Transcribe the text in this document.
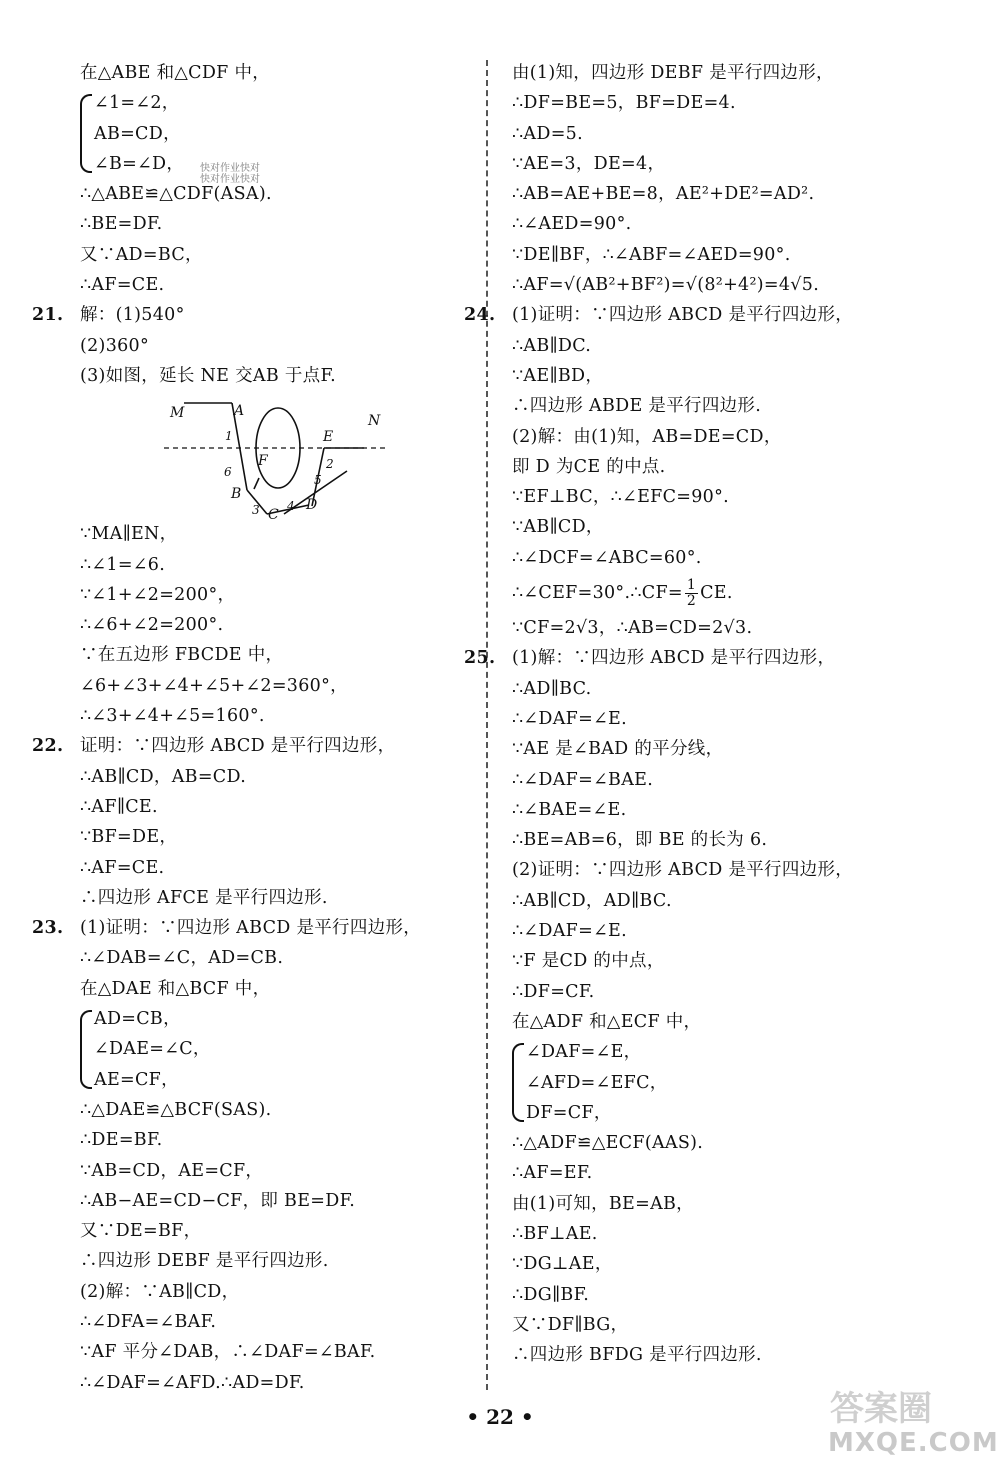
在△ABE 和△CDF 中，
∠1=∠2，
AB=CD，
∠B=∠D，
∴△ABE≌△CDF(ASA).
∴BE=DF.
又∵AD=BC，
∴AF=CE.
21. 解：(1)540°
(2)360°
(3)如图，延长 NE 交AB 于点F.
M	A
N
E
F
B
C
D
1
2
3 4
5
6
∵MA∥EN，
∴∠1=∠6.
∵∠1+∠2=200°，
∴∠6+∠2=200°.
∵在五边形 FBCDE 中，
∠6+∠3+∠4+∠5+∠2=360°，
∴∠3+∠4+∠5=160°.
22. 证明：∵四边形 ABCD 是平行四边形，
∴AB∥CD，AB=CD.
∴AF∥CE.
∵BF=DE，
∴AF=CE.
∴四边形 AFCE 是平行四边形.
23. (1)证明：∵四边形 ABCD 是平行四边形，
∴∠DAB=∠C，AD=CB.
在△DAE 和△BCF 中，
AD=CB，
∠DAE=∠C，
AE=CF，
∴△DAE≌△BCF(SAS).
∴DE=BF.
∵AB=CD，AE=CF，
∴AB−AE=CD−CF，即 BE=DF.
又∵DE=BF，
∴四边形 DEBF 是平行四边形.
(2)解：∵AB∥CD，
∴∠DFA=∠BAF.
∵AF 平分∠DAB，∴∠DAF=∠BAF.
∴∠DAF=∠AFD.∴AD=DF.
快对作业快对
快对作业快对
由(1)知，四边形 DEBF 是平行四边形，
∴DF=BE=5，BF=DE=4.
∴AD=5.
∵AE=3，DE=4，
∴AB=AE+BE=8，AE²+DE²=AD².
∴∠AED=90°.
∵DE∥BF，∴∠ABF=∠AED=90°.
∴AF=√(AB²+BF²)=√(8²+4²)=4√5.
24. (1)证明：∵四边形 ABCD 是平行四边形，
∴AB∥DC.
∵AE∥BD，
∴四边形 ABDE 是平行四边形.
(2)解：由(1)知，AB=DE=CD，
即 D 为CE 的中点.
∵EF⊥BC，∴∠EFC=90°.
∵AB∥CD，
∴∠DCF=∠ABC=60°.
∴∠CEF=30°.∴CF= $\frac{1}{2}$ CE.
∵CF=2√3，∴AB=CD=2√3.
25. (1)解：∵四边形 ABCD 是平行四边形，
∴AD∥BC.
∴∠DAF=∠E.
∵AE 是∠BAD 的平分线，
∴∠DAF=∠BAE.
∴∠BAE=∠E.
∴BE=AB=6，即 BE 的长为 6.
(2)证明：∵四边形 ABCD 是平行四边形，
∴AB∥CD，AD∥BC.
∴∠DAF=∠E.
∵F 是CD 的中点，
∴DF=CF.
在△ADF 和△ECF 中，
∠DAF=∠E，
∠AFD=∠EFC，
DF=CF，
∴△ADF≌△ECF(AAS).
∴AF=EF.
由(1)可知，BE=AB，
∴BF⊥AE.
∵DG⊥AE，
∴DG∥BF.
又∵DF∥BG，
∴四边形 BFDG 是平行四边形.
• 22 •	答案圈
MXQE.COM
